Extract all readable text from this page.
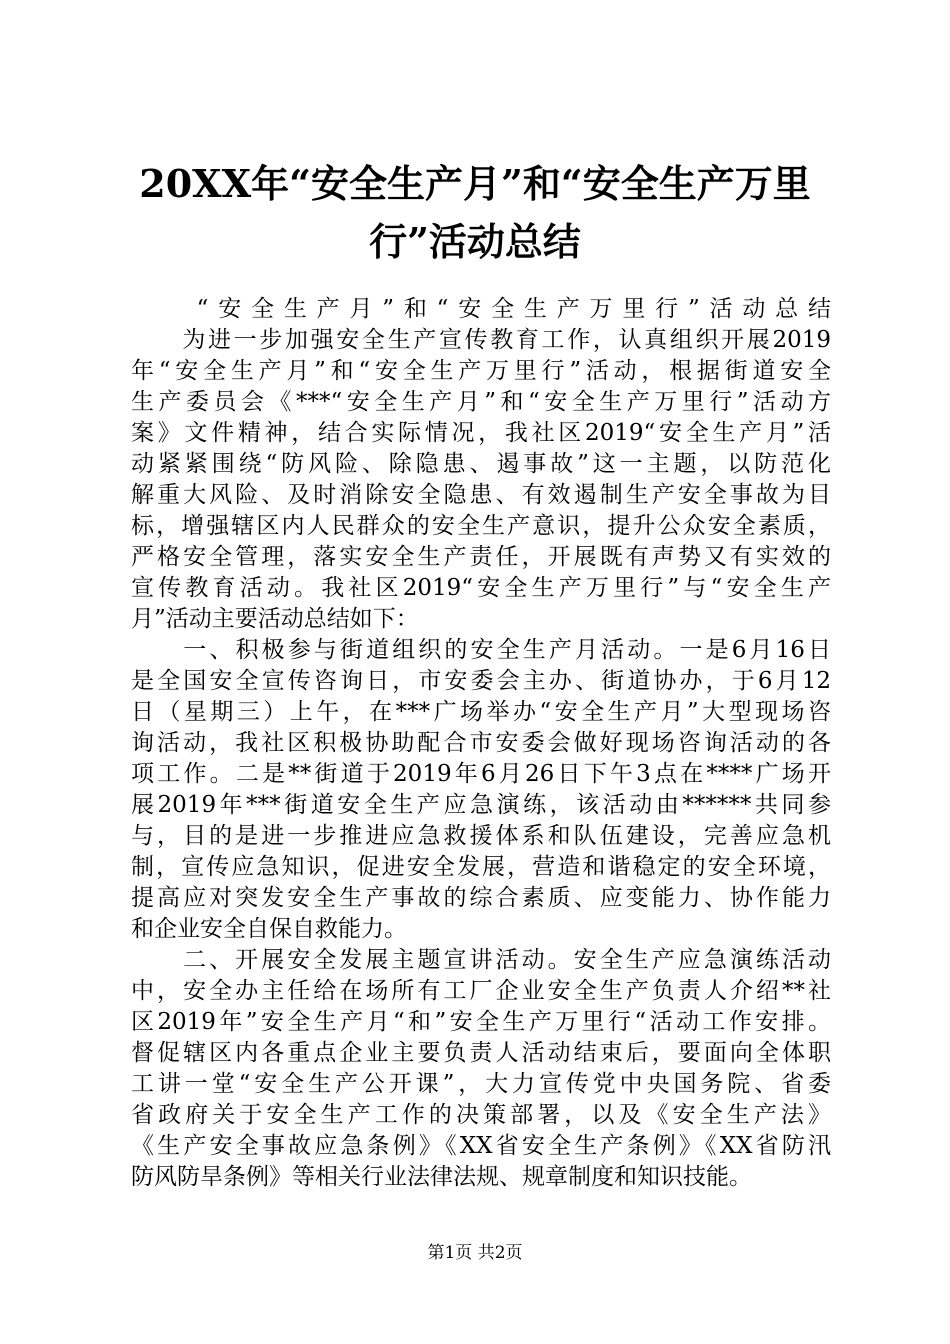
20XX年“安全生产月”和“安全生产万里
行”活动总结
　　“安全生产月”和“安全生产万里行”活动总结
　　为进一步加强安全生产宣传教育工作，认真组织开展2019
年“安全生产月”和“安全生产万里行”活动，根据街道安全
生产委员会《***“安全生产月”和“安全生产万里行”活动方
案》文件精神，结合实际情况，我社区2019“安全生产月”活
动紧紧围绕“防风险、除隐患、遏事故”这一主题，以防范化
解重大风险、及时消除安全隐患、有效遏制生产安全事故为目
标，增强辖区内人民群众的安全生产意识，提升公众安全素质，
严格安全管理，落实安全生产责任，开展既有声势又有实效的
宣传教育活动。我社区2019“安全生产万里行”与“安全生产
月”活动主要活动总结如下：
　　一、积极参与街道组织的安全生产月活动。一是6月16日
是全国安全宣传咨询日，市安委会主办、街道协办，于6月12
日（星期三）上午，在***广场举办“安全生产月”大型现场咨
询活动，我社区积极协助配合市安委会做好现场咨询活动的各
项工作。二是**街道于2019年6月26日下午3点在****广场开
展2019年***街道安全生产应急演练，该活动由******共同参
与，目的是进一步推进应急救援体系和队伍建设，完善应急机
制，宣传应急知识，促进安全发展，营造和谐稳定的安全环境，
提高应对突发安全生产事故的综合素质、应变能力、协作能力
和企业安全自保自救能力。
　　二、开展安全发展主题宣讲活动。安全生产应急演练活动
中，安全办主任给在场所有工厂企业安全生产负责人介绍**社
区2019年”安全生产月“和”安全生产万里行“活动工作安排。
督促辖区内各重点企业主要负责人活动结束后，要面向全体职
工讲一堂“安全生产公开课”，大力宣传党中央国务院、省委
省政府关于安全生产工作的决策部署，以及《安全生产法》
《生产安全事故应急条例》《XX省安全生产条例》《XX省防汛
防风防旱条例》等相关行业法律法规、规章制度和知识技能。
第1页 共2页
